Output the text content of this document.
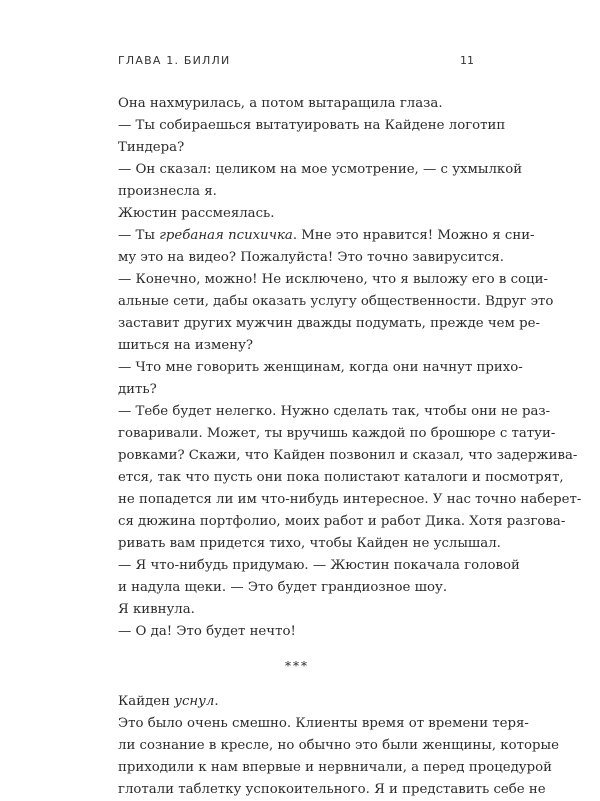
ГЛАВА 1. БИЛЛИ	11
Она нахмурилась, а потом вытаращила глаза.
— Ты собираешься вытатуировать на Кайдене логотип
Тиндера?
— Он сказал: целиком на мое усмотрение, — с ухмылкой
произнесла я.
Жюстин рассмеялась.
— Ты гребаная психичка. Мне это нравится! Можно я сни-
му это на видео? Пожалуйста! Это точно завирусится.
— Конечно, можно! Не исключено, что я выложу его в соци-
альные сети, дабы оказать услугу общественности. Вдруг это
заставит других мужчин дважды подумать, прежде чем ре-
шиться на измену?
— Что мне говорить женщинам, когда они начнут прихо-
дить?
— Тебе будет нелегко. Нужно сделать так, чтобы они не раз-
говаривали. Может, ты вручишь каждой по брошюре с татуи-
ровками? Скажи, что Кайден позвонил и сказал, что задержива-
ется, так что пусть они пока полистают каталоги и посмотрят,
не попадется ли им что-нибудь интересное. У нас точно наберет-
ся дюжина портфолио, моих работ и работ Дика. Хотя разгова-
ривать вам придется тихо, чтобы Кайден не услышал.
— Я что-нибудь придумаю. — Жюстин покачала головой
и надула щеки. — Это будет грандиозное шоу.
Я кивнула.
— О да! Это будет нечто!
***
Кайден уснул.
Это было очень смешно. Клиенты время от времени теря-
ли сознание в кресле, но обычно это были женщины, которые
приходили к нам впервые и нервничали, а перед процедурой
глотали таблетку успокоительного. Я и представить себе не
